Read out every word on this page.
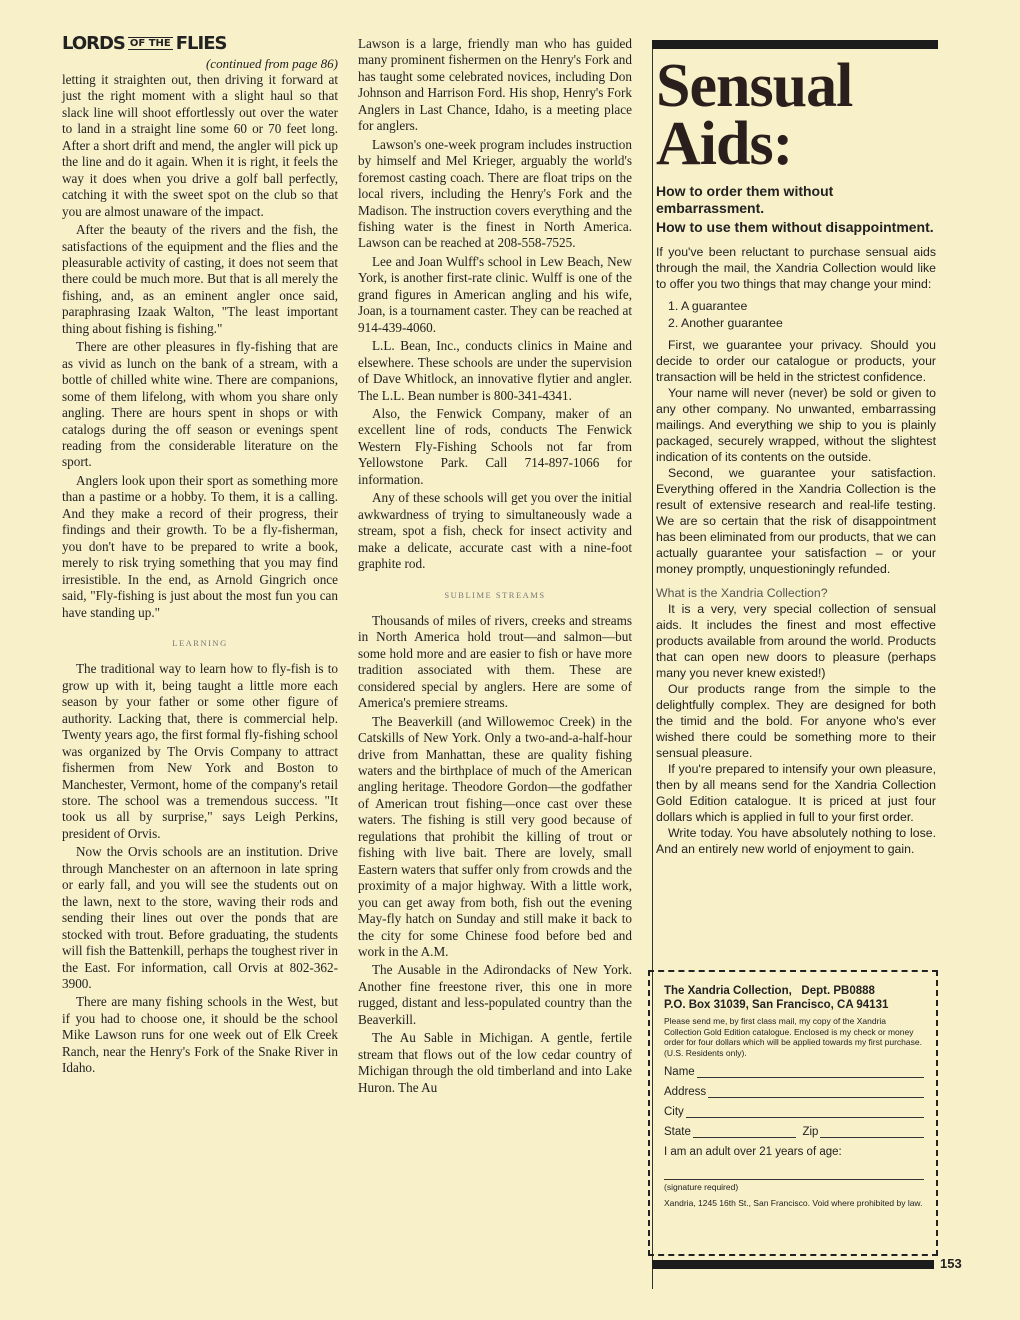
LORDS OF THE FLIES
(continued from page 86)

letting it straighten out, then driving it forward at just the right moment with a slight haul so that slack line will shoot effortlessly out over the water to land in a straight line some 60 or 70 feet long. After a short drift and mend, the angler will pick up the line and do it again. When it is right, it feels the way it does when you drive a golf ball perfectly, catching it with the sweet spot on the club so that you are almost unaware of the impact.

After the beauty of the rivers and the fish, the satisfactions of the equipment and the flies and the pleasurable activity of casting, it does not seem that there could be much more. But that is all merely the fishing, and, as an eminent angler once said, paraphrasing Izaak Walton, "The least important thing about fishing is fishing."

There are other pleasures in fly-fishing that are as vivid as lunch on the bank of a stream, with a bottle of chilled white wine. There are companions, some of them lifelong, with whom you share only angling. There are hours spent in shops or with catalogs during the off season or evenings spent reading from the considerable literature on the sport.

Anglers look upon their sport as something more than a pastime or a hobby. To them, it is a calling. And they make a record of their progress, their findings and their growth. To be a fly-fisherman, you don't have to be prepared to write a book, merely to risk trying something that you may find irresistible. In the end, as Arnold Gingrich once said, "Fly-fishing is just about the most fun you can have standing up."

LEARNING

The traditional way to learn how to fly-fish is to grow up with it, being taught a little more each season by your father or some other figure of authority. Lacking that, there is commercial help. Twenty years ago, the first formal fly-fishing school was organized by The Orvis Company to attract fishermen from New York and Boston to Manchester, Vermont, home of the company's retail store. The school was a tremendous success. "It took us all by surprise," says Leigh Perkins, president of Orvis.

Now the Orvis schools are an institution. Drive through Manchester on an afternoon in late spring or early fall, and you will see the students out on the lawn, next to the store, waving their rods and sending their lines out over the ponds that are stocked with trout. Before graduating, the students will fish the Battenkill, perhaps the toughest river in the East. For information, call Orvis at 802-362-3900.

There are many fishing schools in the West, but if you had to choose one, it should be the school Mike Lawson runs for one week out of Elk Creek Ranch, near the Henry's Fork of the Snake River in Idaho.

Lawson is a large, friendly man who has guided many prominent fishermen on the Henry's Fork and has taught some celebrated novices, including Don Johnson and Harrison Ford. His shop, Henry's Fork Anglers in Last Chance, Idaho, is a meeting place for anglers.

Lawson's one-week program includes instruction by himself and Mel Krieger, arguably the world's foremost casting coach. There are float trips on the local rivers, including the Henry's Fork and the Madison. The instruction covers everything and the fishing water is the finest in North America. Lawson can be reached at 208-558-7525.

Lee and Joan Wulff's school in Lew Beach, New York, is another first-rate clinic. Wulff is one of the grand figures in American angling and his wife, Joan, is a tournament caster. They can be reached at 914-439-4060.

L.L. Bean, Inc., conducts clinics in Maine and elsewhere. These schools are under the supervision of Dave Whitlock, an innovative flytier and angler. The L.L. Bean number is 800-341-4341.

Also, the Fenwick Company, maker of an excellent line of rods, conducts The Fenwick Western Fly-Fishing Schools not far from Yellowstone Park. Call 714-897-1066 for information.

Any of these schools will get you over the initial awkwardness of trying to simultaneously wade a stream, spot a fish, check for insect activity and make a delicate, accurate cast with a nine-foot graphite rod.

SUBLIME STREAMS

Thousands of miles of rivers, creeks and streams in North America hold trout—and salmon—but some hold more and are easier to fish or have more tradition associated with them. These are considered special by anglers. Here are some of America's premiere streams.

The Beaverkill (and Willowemoc Creek) in the Catskills of New York. Only a two-and-a-half-hour drive from Manhattan, these are quality fishing waters and the birthplace of much of the American angling heritage. Theodore Gordon—the godfather of American trout fishing—once cast over these waters. The fishing is still very good because of regulations that prohibit the killing of trout or fishing with live bait. There are lovely, small Eastern waters that suffer only from crowds and the proximity of a major highway. With a little work, you can get away from both, fish out the evening May-fly hatch on Sunday and still make it back to the city for some Chinese food before bed and work in the A.M.

The Ausable in the Adirondacks of New York. Another fine freestone river, this one in more rugged, distant and less-populated country than the Beaverkill.

The Au Sable in Michigan. A gentle, fertile stream that flows out of the low cedar country of Michigan through the old timberland and into Lake Huron. The Au

Sensual
Aids:
How to order them without embarrassment.
How to use them without disappointment.

If you've been reluctant to purchase sensual aids through the mail, the Xandria Collection would like to offer you two things that may change your mind:

1. A guarantee
2. Another guarantee

First, we guarantee your privacy. Should you decide to order our catalogue or products, your transaction will be held in the strictest confidence.

Your name will never (never) be sold or given to any other company. No unwanted, embarrassing mailings. And everything we ship to you is plainly packaged, securely wrapped, without the slightest indication of its contents on the outside.

Second, we guarantee your satisfaction. Everything offered in the Xandria Collection is the result of extensive research and real-life testing. We are so certain that the risk of disappointment has been eliminated from our products, that we can actually guarantee your satisfaction – or your money promptly, unquestioningly refunded.

What is the Xandria Collection?

It is a very, very special collection of sensual aids. It includes the finest and most effective products available from around the world. Products that can open new doors to pleasure (perhaps many you never knew existed!)

Our products range from the simple to the delightfully complex. They are designed for both the timid and the bold. For anyone who's ever wished there could be something more to their sensual pleasure.

If you're prepared to intensify your own pleasure, then by all means send for the Xandria Collection Gold Edition catalogue. It is priced at just four dollars which is applied in full to your first order.

Write today. You have absolutely nothing to lose. And an entirely new world of enjoyment to gain.

The Xandria Collection, Dept. PB0888
P.O. Box 31039, San Francisco, CA 94131
Please send me, by first class mail, my copy of the Xandria Collection Gold Edition catalogue. Enclosed is my check or money order for four dollars which will be applied towards my first purchase. (U.S. Residents only).
Name
Address
City
State	Zip
I am an adult over 21 years of age:
(signature required)
Xandria, 1245 16th St., San Francisco. Void where prohibited by law.
153
